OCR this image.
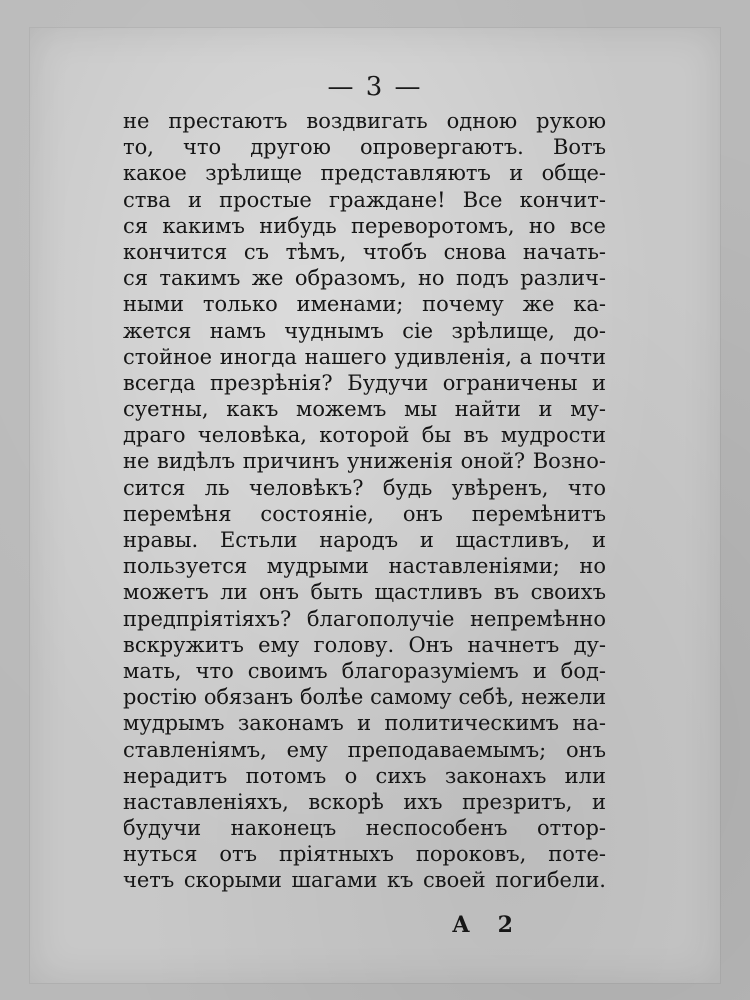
— 3 —
не престаютъ воздвигать одною рукою
то, что другою опровергаютъ. Вотъ
какое зрѣлище представляютъ и обще-
ства и простые граждане! Все кончит-
ся какимъ нибудь переворотомъ, но все
кончится съ тѣмъ, чтобъ снова начать-
ся такимъ же образомъ, но подъ различ-
ными только именами; почему же ка-
жется намъ чуднымъ сiе зрѣлище, до-
стойное иногда нашего удивленiя, а почти
всегда презрѣнiя? Будучи ограничены и
суетны, какъ можемъ мы найти и му-
драго человѣка, которой бы въ мудрости
не видѣлъ причинъ униженiя оной? Возно-
сится ль человѣкъ? будь увѣренъ, что
перемѣня состоянiе, онъ перемѣнитъ
нравы. Естьли народъ и щастливъ, и
пользуется мудрыми наставленiями; но
можетъ ли онъ быть щастливъ въ своихъ
предпрiятiяхъ? благополучiе непремѣнно
вскружитъ ему голову. Онъ начнетъ ду-
мать, что своимъ благоразумiемъ и бод-
ростiю обязанъ болѣе самому себѣ, нежели
мудрымъ законамъ и политическимъ на-
ставленiямъ, ему преподаваемымъ; онъ
нерадитъ потомъ о сихъ законахъ или
наставленiяхъ, вскорѣ ихъ презритъ, и
будучи наконецъ неспособенъ оттор-
нуться отъ прiятныхъ пороковъ, поте-
четъ скорыми шагами къ своей погибели.
А 2
